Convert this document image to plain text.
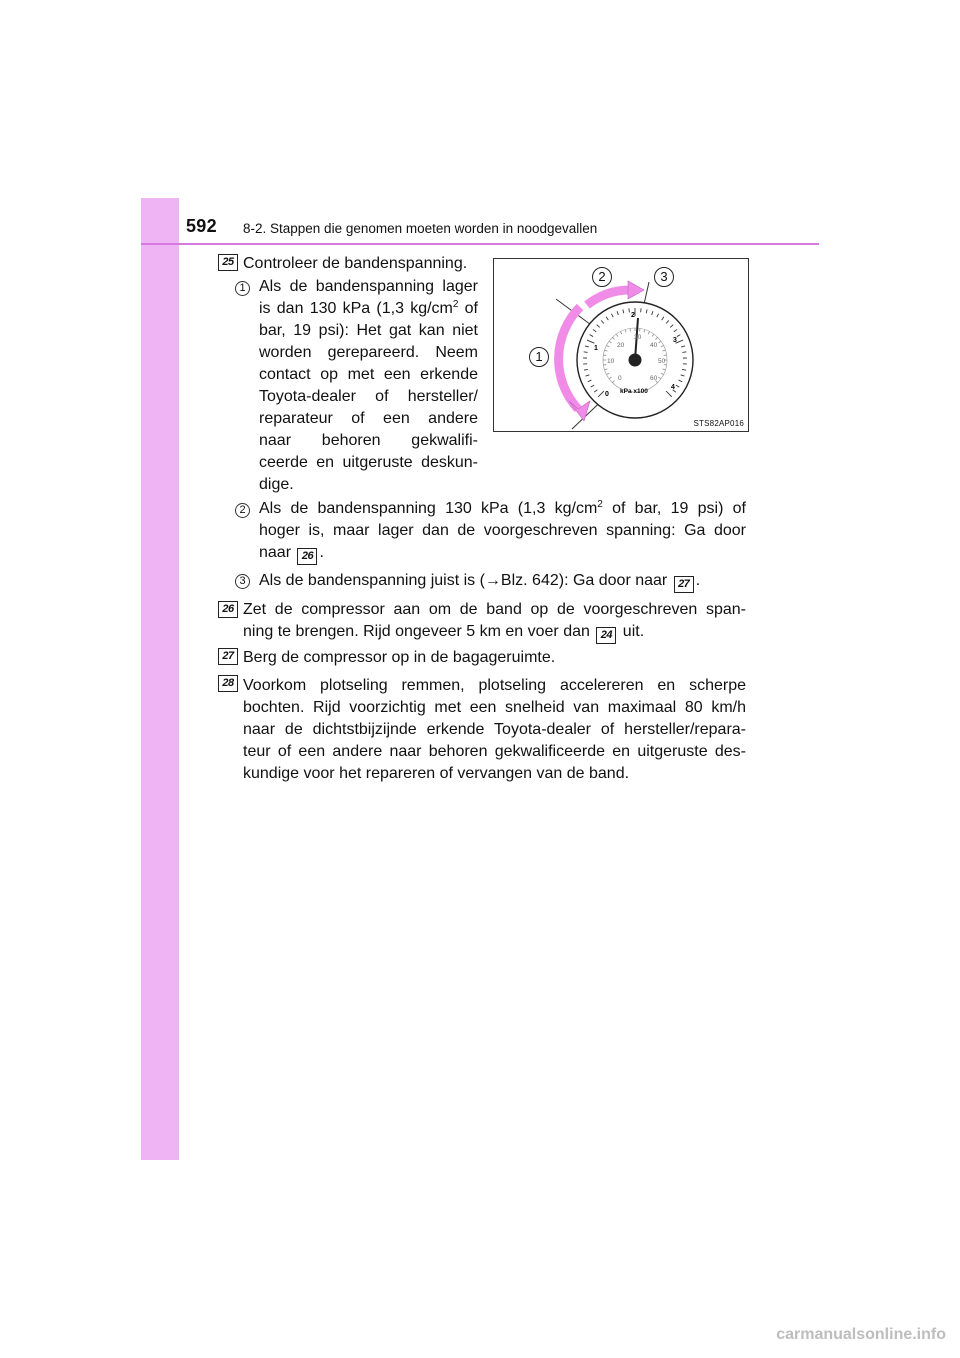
592 8-2. Stappen die genomen moeten worden in noodgevallen
25 Controleer de bandenspanning.
1 Als de bandenspanning lager
is dan 130 kPa (1,3 $kg/cm^2$ of
bar, 19 psi): Het gat kan niet
worden gerepareerd. Neem
contact op met een erkende
Toyota-dealer of hersteller/
reparateur of een andere
naar behoren gekwalifi-
ceerde en uitgeruste deskun-
dige.
0
1
2
3
4
0
10
20
30
40
50
60
kPa x100
1
2	3
STS82AP016
2 Als de bandenspanning 130 kPa (1,3 $kg/cm^2$ of bar, 19 psi) of
hoger is, maar lager dan de voorgeschreven spanning: Ga door
naar 26 .
3 Als de bandenspanning juist is (→Blz. 642): Ga door naar 27 .
26 Zet de compressor aan om de band op de voorgeschreven span-
ning te brengen. Rijd ongeveer 5 km en voer dan 24 uit.
27 Berg de compressor op in de bagageruimte.
28 Voorkom plotseling remmen, plotseling accelereren en scherpe
bochten. Rijd voorzichtig met een snelheid van maximaal 80 km/h
naar de dichtstbijzijnde erkende Toyota-dealer of hersteller/repara-
teur of een andere naar behoren gekwalificeerde en uitgeruste des-
kundige voor het repareren of vervangen van de band.
carmanualsonline.info
